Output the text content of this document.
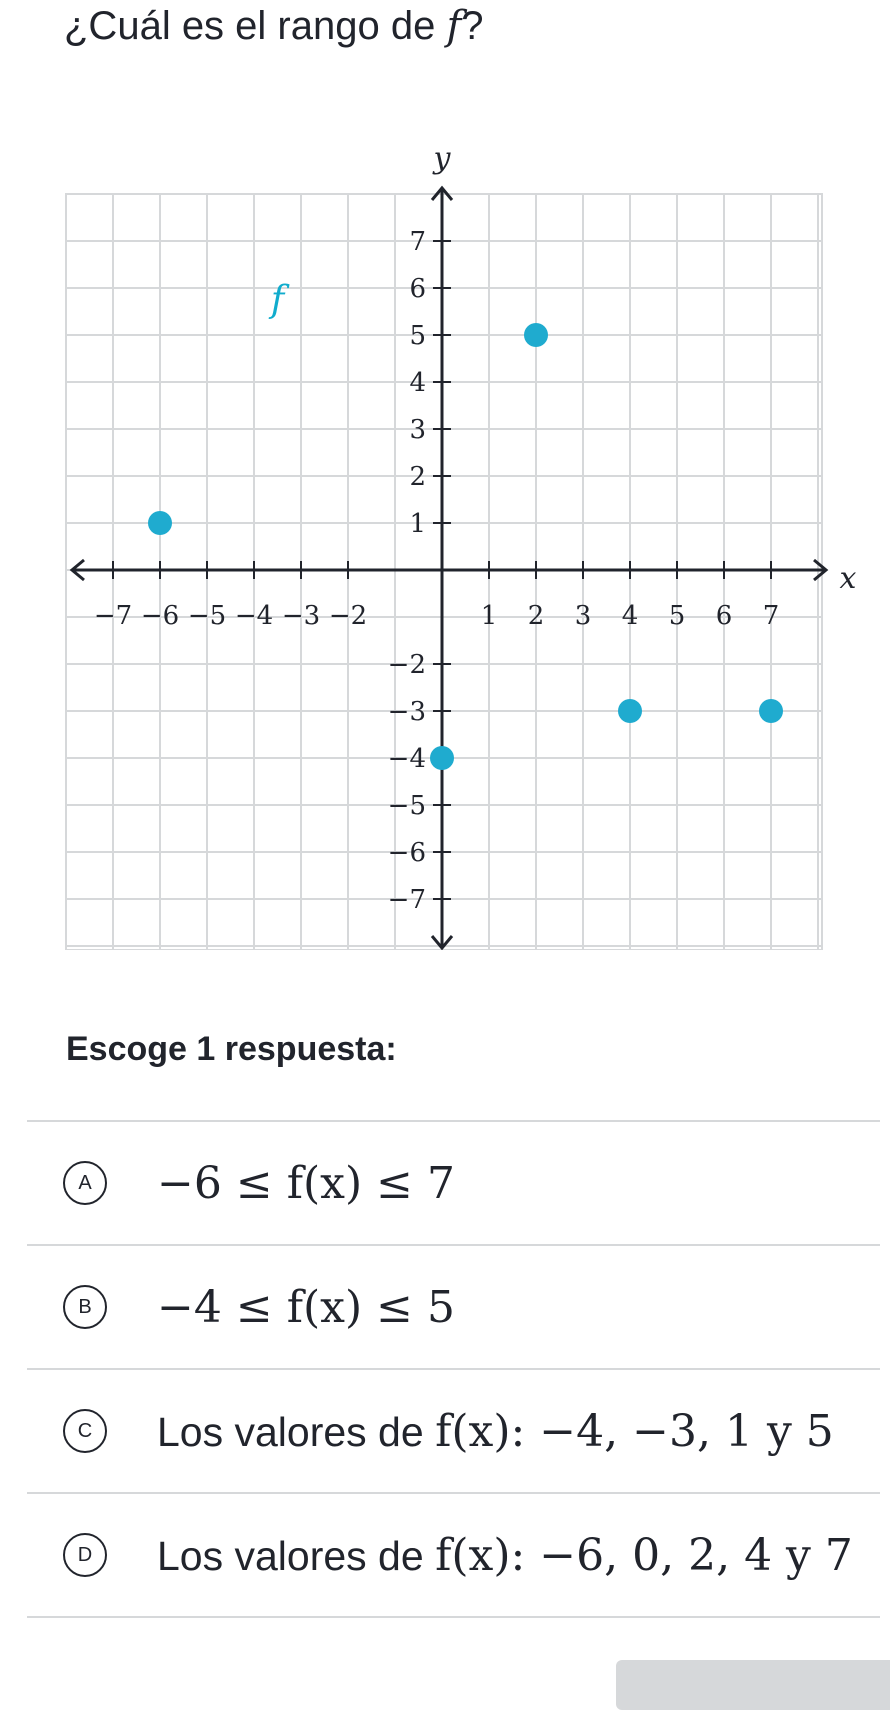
¿Cuál es el rango de f?
x
y
−7 −6 −5 −4 −3 −2	1 2 3 4 5 6 7
−7
−6
−5
−4
−3
−2
1
2
3
4
5
6
7
f
Escoge 1 respuesta:
A	−6 ≤ f(x) ≤ 7
B	−4 ≤ f(x) ≤ 5
C	Los valores de f(x): −4, −3, 1 y 5
D	Los valores de f(x): −6, 0, 2, 4 y 7
